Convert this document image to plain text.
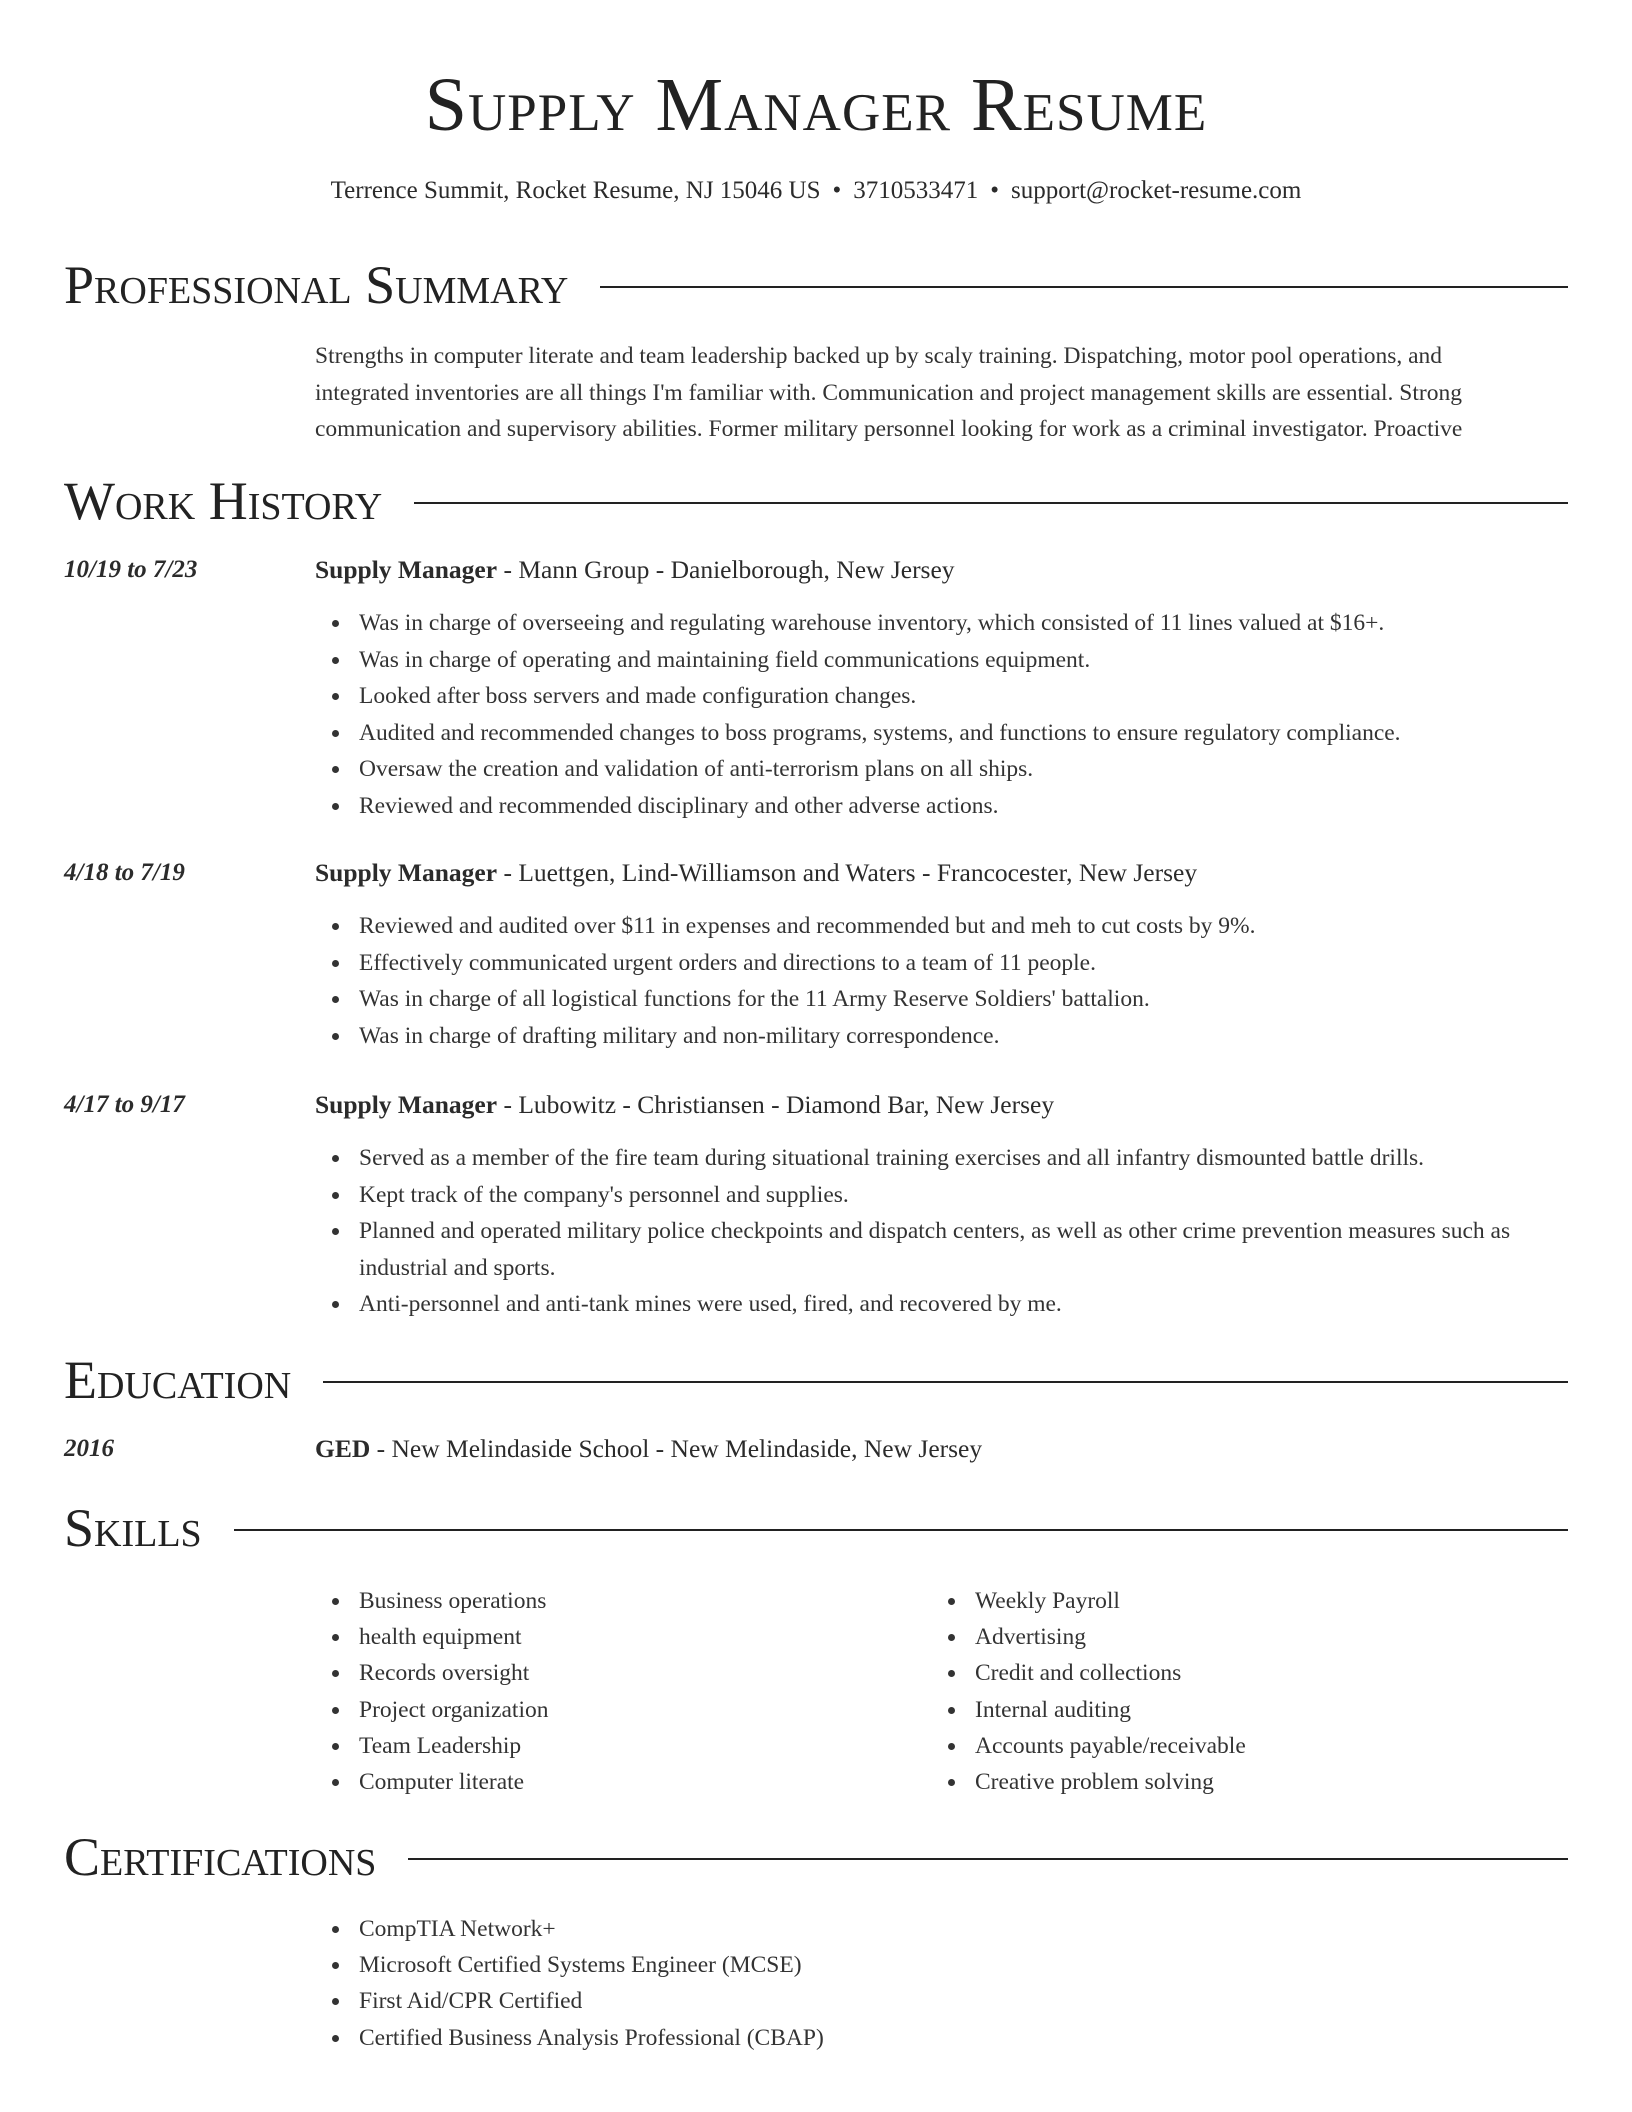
Supply Manager Resume
Terrence Summit, Rocket Resume, NJ 15046 US • 3710533471 • support@rocket-resume.com
Professional Summary
Strengths in computer literate and team leadership backed up by scaly training. Dispatching, motor pool operations, and
integrated inventories are all things I'm familiar with. Communication and project management skills are essential. Strong
communication and supervisory abilities. Former military personnel looking for work as a criminal investigator. Proactive
Work History
10/19 to 7/23	Supply Manager - Mann Group - Danielborough, New Jersey
Was in charge of overseeing and regulating warehouse inventory, which consisted of 11 lines valued at $16+.
Was in charge of operating and maintaining field communications equipment.
Looked after boss servers and made configuration changes.
Audited and recommended changes to boss programs, systems, and functions to ensure regulatory compliance.
Oversaw the creation and validation of anti-terrorism plans on all ships.
Reviewed and recommended disciplinary and other adverse actions.
4/18 to 7/19	Supply Manager - Luettgen, Lind-Williamson and Waters - Francocester, New Jersey
Reviewed and audited over $11 in expenses and recommended but and meh to cut costs by 9%.
Effectively communicated urgent orders and directions to a team of 11 people.
Was in charge of all logistical functions for the 11 Army Reserve Soldiers' battalion.
Was in charge of drafting military and non-military correspondence.
4/17 to 9/17	Supply Manager - Lubowitz - Christiansen - Diamond Bar, New Jersey
Served as a member of the fire team during situational training exercises and all infantry dismounted battle drills.
Kept track of the company's personnel and supplies.
Planned and operated military police checkpoints and dispatch centers, as well as other crime prevention measures such as industrial and sports.
Anti-personnel and anti-tank mines were used, fired, and recovered by me.
Education
2016	GED - New Melindaside School - New Melindaside, New Jersey
Skills
Business operations
health equipment
Records oversight
Project organization
Team Leadership
Computer literate
Weekly Payroll
Advertising
Credit and collections
Internal auditing
Accounts payable/receivable
Creative problem solving
Certifications
CompTIA Network+
Microsoft Certified Systems Engineer (MCSE)
First Aid/CPR Certified
Certified Business Analysis Professional (CBAP)
